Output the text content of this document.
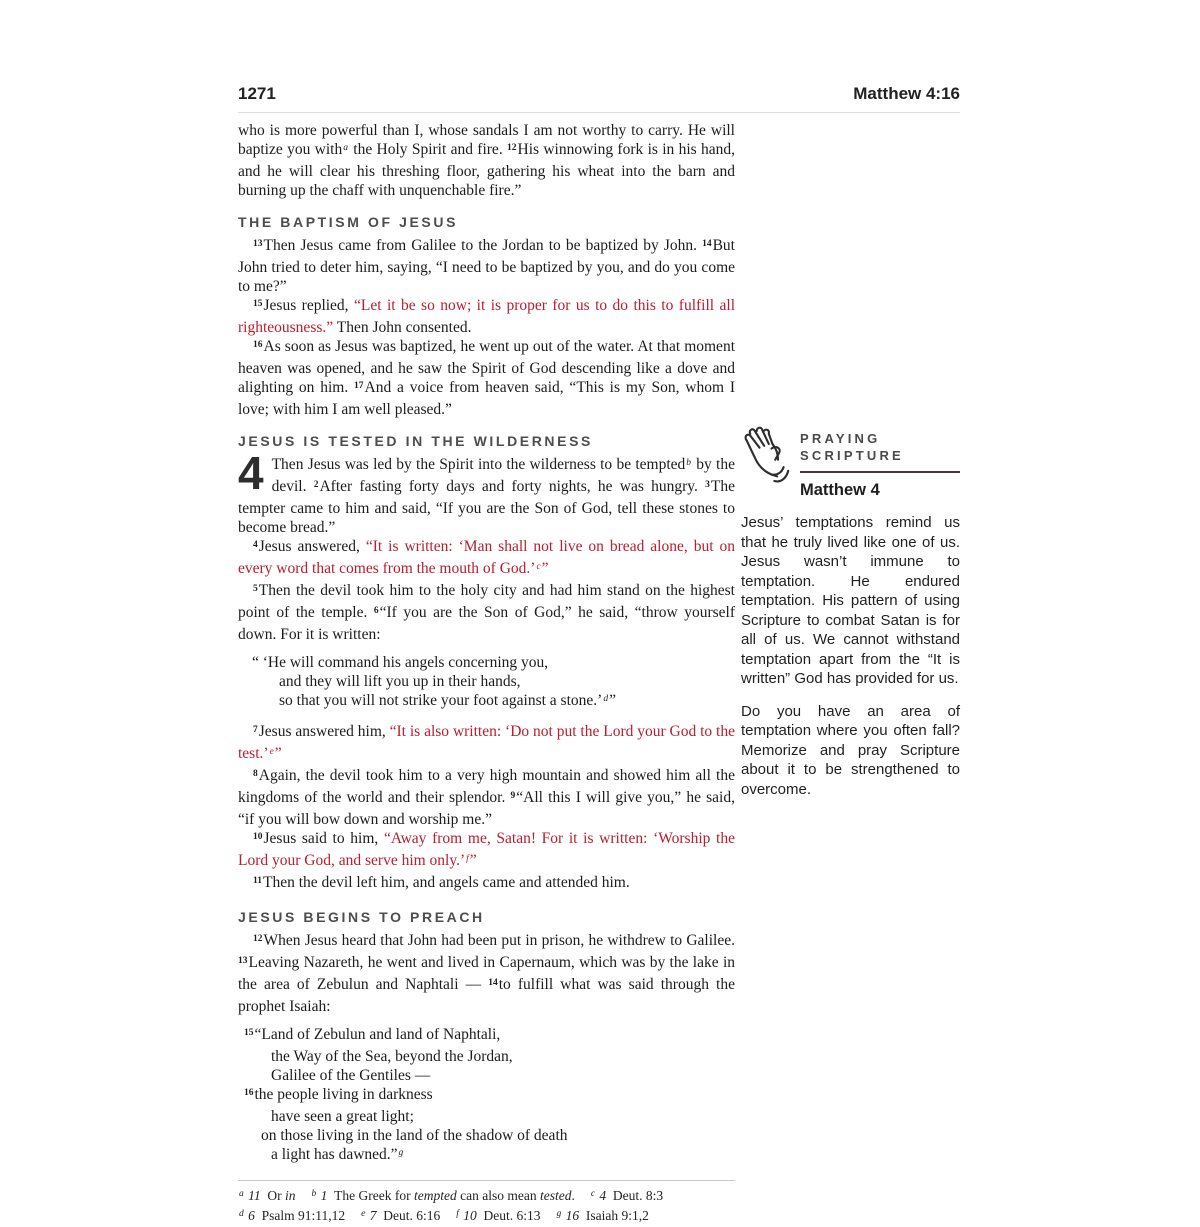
1271	Matthew 4:16

who is more powerful than I, whose sandals I am not worthy to carry. He will baptize you with$^a$ the Holy Spirit and fire. $^{12}$His winnowing fork is in his hand, and he will clear his threshing floor, gathering his wheat into the barn and burning up the chaff with unquenchable fire.”

THE BAPTISM OF JESUS

$^{13}$Then Jesus came from Galilee to the Jordan to be baptized by John. $^{14}$But John tried to deter him, saying, “I need to be baptized by you, and do you come to me?”

$^{15}$Jesus replied, “Let it be so now; it is proper for us to do this to fulfill all righteousness.” Then John consented.

$^{16}$As soon as Jesus was baptized, he went up out of the water. At that moment heaven was opened, and he saw the Spirit of God descending like a dove and alighting on him. $^{17}$And a voice from heaven said, “This is my Son, whom I love; with him I am well pleased.”

JESUS IS TESTED IN THE WILDERNESS

4 Then Jesus was led by the Spirit into the wilderness to be tempted$^b$ by the devil. $^2$After fasting forty days and forty nights, he was hungry. $^3$The tempter came to him and said, “If you are the Son of God, tell these stones to become bread.”

$^4$Jesus answered, “It is written: ‘Man shall not live on bread alone, but on every word that comes from the mouth of God.’$^c$”

$^5$Then the devil took him to the holy city and had him stand on the highest point of the temple. $^6$“If you are the Son of God,” he said, “throw yourself down. For it is written:

“ ‘He will command his angels concerning you,
and they will lift you up in their hands,
so that you will not strike your foot against a stone.’$^d$”

$^7$Jesus answered him, “It is also written: ‘Do not put the Lord your God to the test.’$^e$”

$^8$Again, the devil took him to a very high mountain and showed him all the kingdoms of the world and their splendor. $^9$“All this I will give you,” he said, “if you will bow down and worship me.”

$^{10}$Jesus said to him, “Away from me, Satan! For it is written: ‘Worship the Lord your God, and serve him only.’$^f$”

$^{11}$Then the devil left him, and angels came and attended him.

JESUS BEGINS TO PREACH

$^{12}$When Jesus heard that John had been put in prison, he withdrew to Galilee. $^{13}$Leaving Nazareth, he went and lived in Capernaum, which was by the lake in the area of Zebulun and Naphtali — $^{14}$to fulfill what was said through the prophet Isaiah:

$^{15}$“Land of Zebulun and land of Naphtali,
the Way of the Sea, beyond the Jordan,
Galilee of the Gentiles —
$^{16}$the people living in darkness
have seen a great light;
on those living in the land of the shadow of death
a light has dawned.”$^g$
$^a$ 11  Or in $^b$ 1  The Greek for tempted can also mean tested. $^c$ 4  Deut. 8:3
$^d$ 6  Psalm 91:11,12 $^e$ 7  Deut. 6:16 $^f$ 10  Deut. 6:13 $^g$ 16  Isaiah 9:1,2
PRAYING
SCRIPTURE
Matthew 4

Jesus’ temptations remind us that he truly lived like one of us. Jesus wasn’t immune to temptation. He endured temptation. His pattern of using Scripture to combat Satan is for all of us. We cannot withstand temptation apart from the “It is written” God has provided for us.

Do you have an area of temptation where you often fall? Memorize and pray Scripture about it to be strengthened to overcome.
